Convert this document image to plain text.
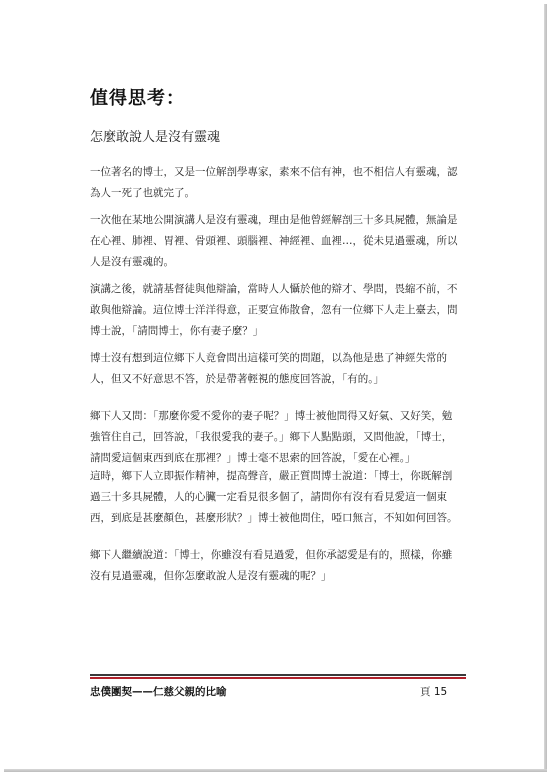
值得思考：
怎麼敢說人是沒有靈魂

一位著名的博士，又是一位解剖學專家，素來不信有神，也不相信人有靈魂，認為人一死了也就完了。

一次他在某地公開演講人是沒有靈魂，理由是他曾經解剖三十多具屍體，無論是在心裡、肺裡、胃裡、骨頭裡、頭腦裡、神經裡、血裡…，從未見過靈魂，所以人是沒有靈魂的。

演講之後，就請基督徒與他辯論，當時人人懾於他的辯才、學問，畏縮不前，不敢與他辯論。這位博士洋洋得意，正要宣佈散會，忽有一位鄉下人走上臺去，問博士說，「請問博士，你有妻子麼？」

博士沒有想到這位鄉下人竟會問出這樣可笑的問題，以為他是患了神經失常的人，但又不好意思不答，於是帶著輕視的態度回答說，「有的。」

鄉下人又問：「那麼你愛不愛你的妻子呢？」博士被他問得又好氣、又好笑，勉強管住自己，回答說，「我很愛我的妻子。」鄉下人點點頭，又問他說，「博士，請問愛這個東西到底在那裡？」博士毫不思索的回答說，「愛在心裡。」

這時，鄉下人立即振作精神，提高聲音，嚴正質問博士說道：「博士，你既解剖過三十多具屍體，人的心臟一定看見很多個了，請問你有沒有看見愛這一個東西，到底是甚麼顏色，甚麼形狀？」博士被他問住，啞口無言，不知如何回答。

鄉下人繼續說道：「博士，你雖沒有看見過愛，但你承認愛是有的，照樣，你雖沒有見過靈魂，但你怎麼敢說人是沒有靈魂的呢？」

忠僕團契——仁慈父親的比喻	頁 15
